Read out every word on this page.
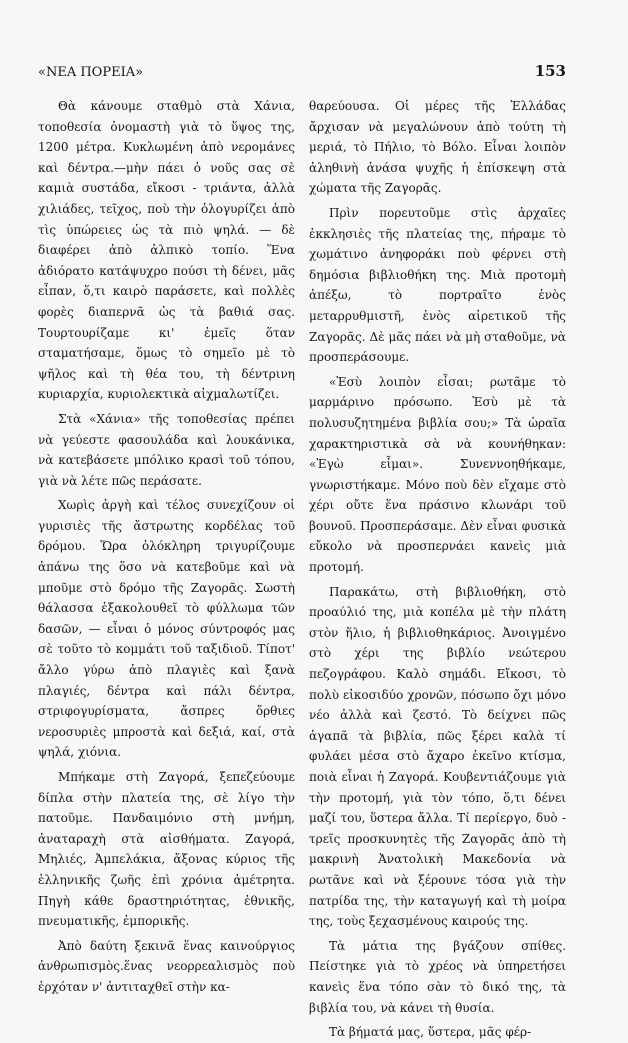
«ΝΕΑ ΠΟΡΕΙΑ»	153

Θὰ κάνουμε σταθμὸ στὰ Χάνια, τοποθεσία ὀνομαστὴ γιὰ τὸ ὕψος της, 1200 μέτρα. Κυκλωμένη ἀπὸ νερομάνες καὶ δέντρα.—μὴν πάει ὁ νοῦς σας σὲ καμιὰ συστάδα, εἴκοσι - τριάντα, ἀλλὰ χιλιάδες, τεῖχος, ποὺ τὴν ὁλογυρίζει ἀπὸ τὶς ὑπώρειες ὡς τὰ πιὸ ψηλά. — δὲ διαφέρει ἀπὸ ἀλπικὸ τοπίο. Ἕνα ἀδιόρατο κατάψυχρο πούσι τὴ δένει, μᾶς εἶπαν, ὅ,τι καιρὸ παράσετε, καὶ πολλὲς φορὲς διαπερνᾶ ὡς τὰ βαθιά σας. Τουρτουρίζαμε κι' ἐμεῖς ὅταν σταματήσαμε, ὅμως τὸ σημεῖο μὲ τὸ ψῆλος καὶ τὴ θέα του, τὴ δέντρινη κυριαρχία, κυριολεκτικὰ αἰχμαλωτίζει.

Στὰ «Χάνια» τῆς τοποθεσίας πρέπει νὰ γεύεστε φασουλάδα καὶ λουκάνικα, νὰ κατεβάσετε μπόλικο κρασὶ τοῦ τόπου, γιὰ νὰ λέτε πῶς περάσατε.

Χωρὶς ἀργὴ καὶ τέλος συνεχίζουν οἱ γυρισιὲς τῆς ἄστρωτης κορδέλας τοῦ δρόμου. Ὥρα ὁλόκληρη τριγυρίζουμε ἀπάνω της ὅσο νὰ κατεβοῦμε καὶ νὰ μποῦμε στὸ δρόμο τῆς Ζαγορᾶς. Σωστὴ θάλασσα ἐξακολουθεῖ τὸ φύλλωμα τῶν δασῶν, — εἶναι ὁ μόνος σύντροφός μας σὲ τοῦτο τὸ κομμάτι τοῦ ταξιδιοῦ. Τίποτ' ἄλλο γύρω ἀπὸ πλαγιὲς καὶ ξανὰ πλαγιές, δέντρα καὶ πάλι δέντρα, στριφογυρίσματα, ἄσπρες ὄρθιες νεροσυριὲς μπροστὰ καὶ δεξιά, καί, στὰ ψηλά, χιόνια.

Μπήκαμε στὴ Ζαγορά, ξεπεζεύουμε δίπλα στὴν πλατεία της, σὲ λίγο τὴν πατοῦμε. Πανδαιμόνιο στὴ μνήμη, ἀναταραχὴ στὰ αἰσθήματα. Ζαγορά, Μηλιές, Ἀμπελάκια, ἄξονας κύριος τῆς ἑλληνικῆς ζωῆς ἐπὶ χρόνια ἀμέτρητα. Πηγὴ κάθε δραστηριότητας, ἐθνικῆς, πνευματικῆς, ἐμπορικῆς.

Ἀπὸ δαύτη ξεκινᾶ ἕνας καινούργιος ἀνθρωπισμὸς.ἕνας νεορρεαλισμὸς ποὺ ἐρχόταν ν' ἀντιταχθεῖ στὴν κα-

θαρεύουσα. Οἱ μέρες τῆς Ἑλλάδας ἄρχισαν νὰ μεγαλώνουν ἀπὸ τούτη τὴ μεριά, τὸ Πήλιο, τὸ Βόλο. Εἶναι λοιπὸν ἀληθινὴ ἀνάσα ψυχῆς ἡ ἐπίσκεψη στὰ χώματα τῆς Ζαγορᾶς.

Πρὶν πορευτοῦμε στὶς ἀρχαῖες ἐκκλησιὲς τῆς πλατείας της, πήραμε τὸ χωμάτινο ἀνηφοράκι ποὺ φέρνει στὴ δημόσια βιβλιοθήκη της. Μιὰ προτομὴ ἀπέξω, τὸ πορτραῖτο ἑνὸς μεταρρυθμιστῆ, ἑνὸς αἱρετικοῦ τῆς Ζαγορᾶς. Δὲ μᾶς πάει νὰ μὴ σταθοῦμε, νὰ προσπεράσουμε.

«Ἐσὺ λοιπὸν εἶσαι; ρωτᾶμε τὸ μαρμάρινο πρόσωπο. Ἐσὺ μὲ τὰ πολυσυζητημένα βιβλία σου;» Τὰ ὡραῖα χαρακτηριστικὰ σὰ νὰ κουνήθηκαν: «Ἐγὼ εἶμαι». Συνεννοηθήκαμε, γνωριστήκαμε. Μόνο ποὺ δὲν εἴχαμε στὸ χέρι οὔτε ἕνα πράσινο κλωνάρι τοῦ βουνοῦ. Προσπεράσαμε. Δὲν εἶναι φυσικὰ εὔκολο νὰ προσπερνάει κανεὶς μιὰ προτομή.

Παρακάτω, στὴ βιβλιοθήκη, στὸ προαύλιό της, μιὰ κοπέλα μὲ τὴν πλάτη στὸν ἥλιο, ἡ βιβλιοθηκάριος. Ἀνοιγμένο στὸ χέρι της βιβλίο νεώτερου πεζογράφου. Καλὸ σημάδι. Εἴκοσι, τὸ πολὺ εἰκοσιδύο χρονῶν, πόσωπο ὄχι μόνο νέο ἀλλὰ καὶ ζεστό. Τὸ δείχνει πῶς ἀγαπᾶ τὰ βιβλία, πῶς ξέρει καλὰ τί φυλάει μέσα στὸ ἄχαρο ἐκεῖνο κτίσμα, ποιὰ εἶναι ἡ Ζαγορά. Κουβεντιάζουμε γιὰ τὴν προτομή, γιὰ τὸν τόπο, ὅ,τι δένει μαζί του, ὕστερα ἄλλα. Τί περίεργο, δυὸ - τρεῖς προσκυνητὲς τῆς Ζαγορᾶς ἀπὸ τὴ μακρινὴ Ἀνατολικὴ Μακεδονία νὰ ρωτᾶνε καὶ νὰ ξέρουνε τόσα γιὰ τὴν πατρίδα της, τὴν καταγωγή καὶ τὴ μοίρα της, τοὺς ξεχασμένους καιρούς της.

Τὰ μάτια της βγάζουν σπίθες. Πείστηκε γιὰ τὸ χρέος νὰ ὑπηρετήσει κανεὶς ἕνα τόπο σὰν τὸ δικό της, τὰ βιβλία του, νὰ κάνει τὴ θυσία.

Τὰ βήματά μας, ὕστερα, μᾶς φέρ-
